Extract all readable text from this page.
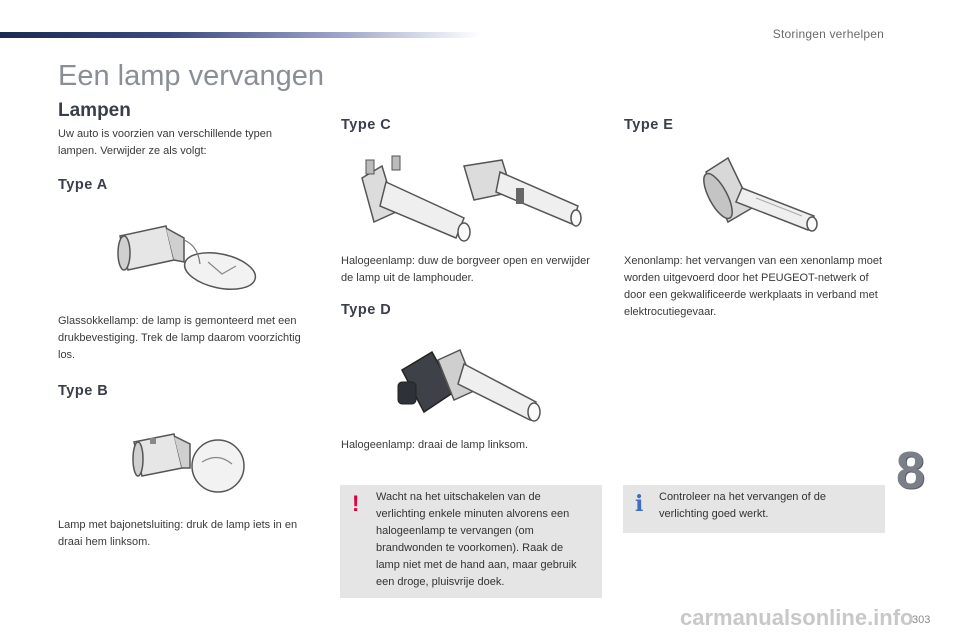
Storingen verhelpen
Een lamp vervangen
Lampen

Uw auto is voorzien van verschillende typen lampen. Verwijder ze als volgt:

Type A

Glassokkellamp: de lamp is gemonteerd met een drukbevestiging. Trek de lamp daarom voorzichtig los.

Type B

Lamp met bajonetsluiting: druk de lamp iets in en draai hem linksom.

Type C

Halogeenlamp: duw de borgveer open en verwijder de lamp uit de lamphouder.

Type D

Halogeenlamp: draai de lamp linksom.

! Wacht na het uitschakelen van de verlichting enkele minuten alvorens een halogeenlamp te vervangen (om brandwonden te voorkomen). Raak de lamp niet met de hand aan, maar gebruik een droge, pluisvrije doek.

Type E

Xenonlamp: het vervangen van een xenonlamp moet worden uitgevoerd door het PEUGEOT-netwerk of door een gekwalificeerde werkplaats in verband met elektrocutiegevaar.

i Controleer na het vervangen of de verlichting goed werkt.

8
carmanualsonline.info
303
